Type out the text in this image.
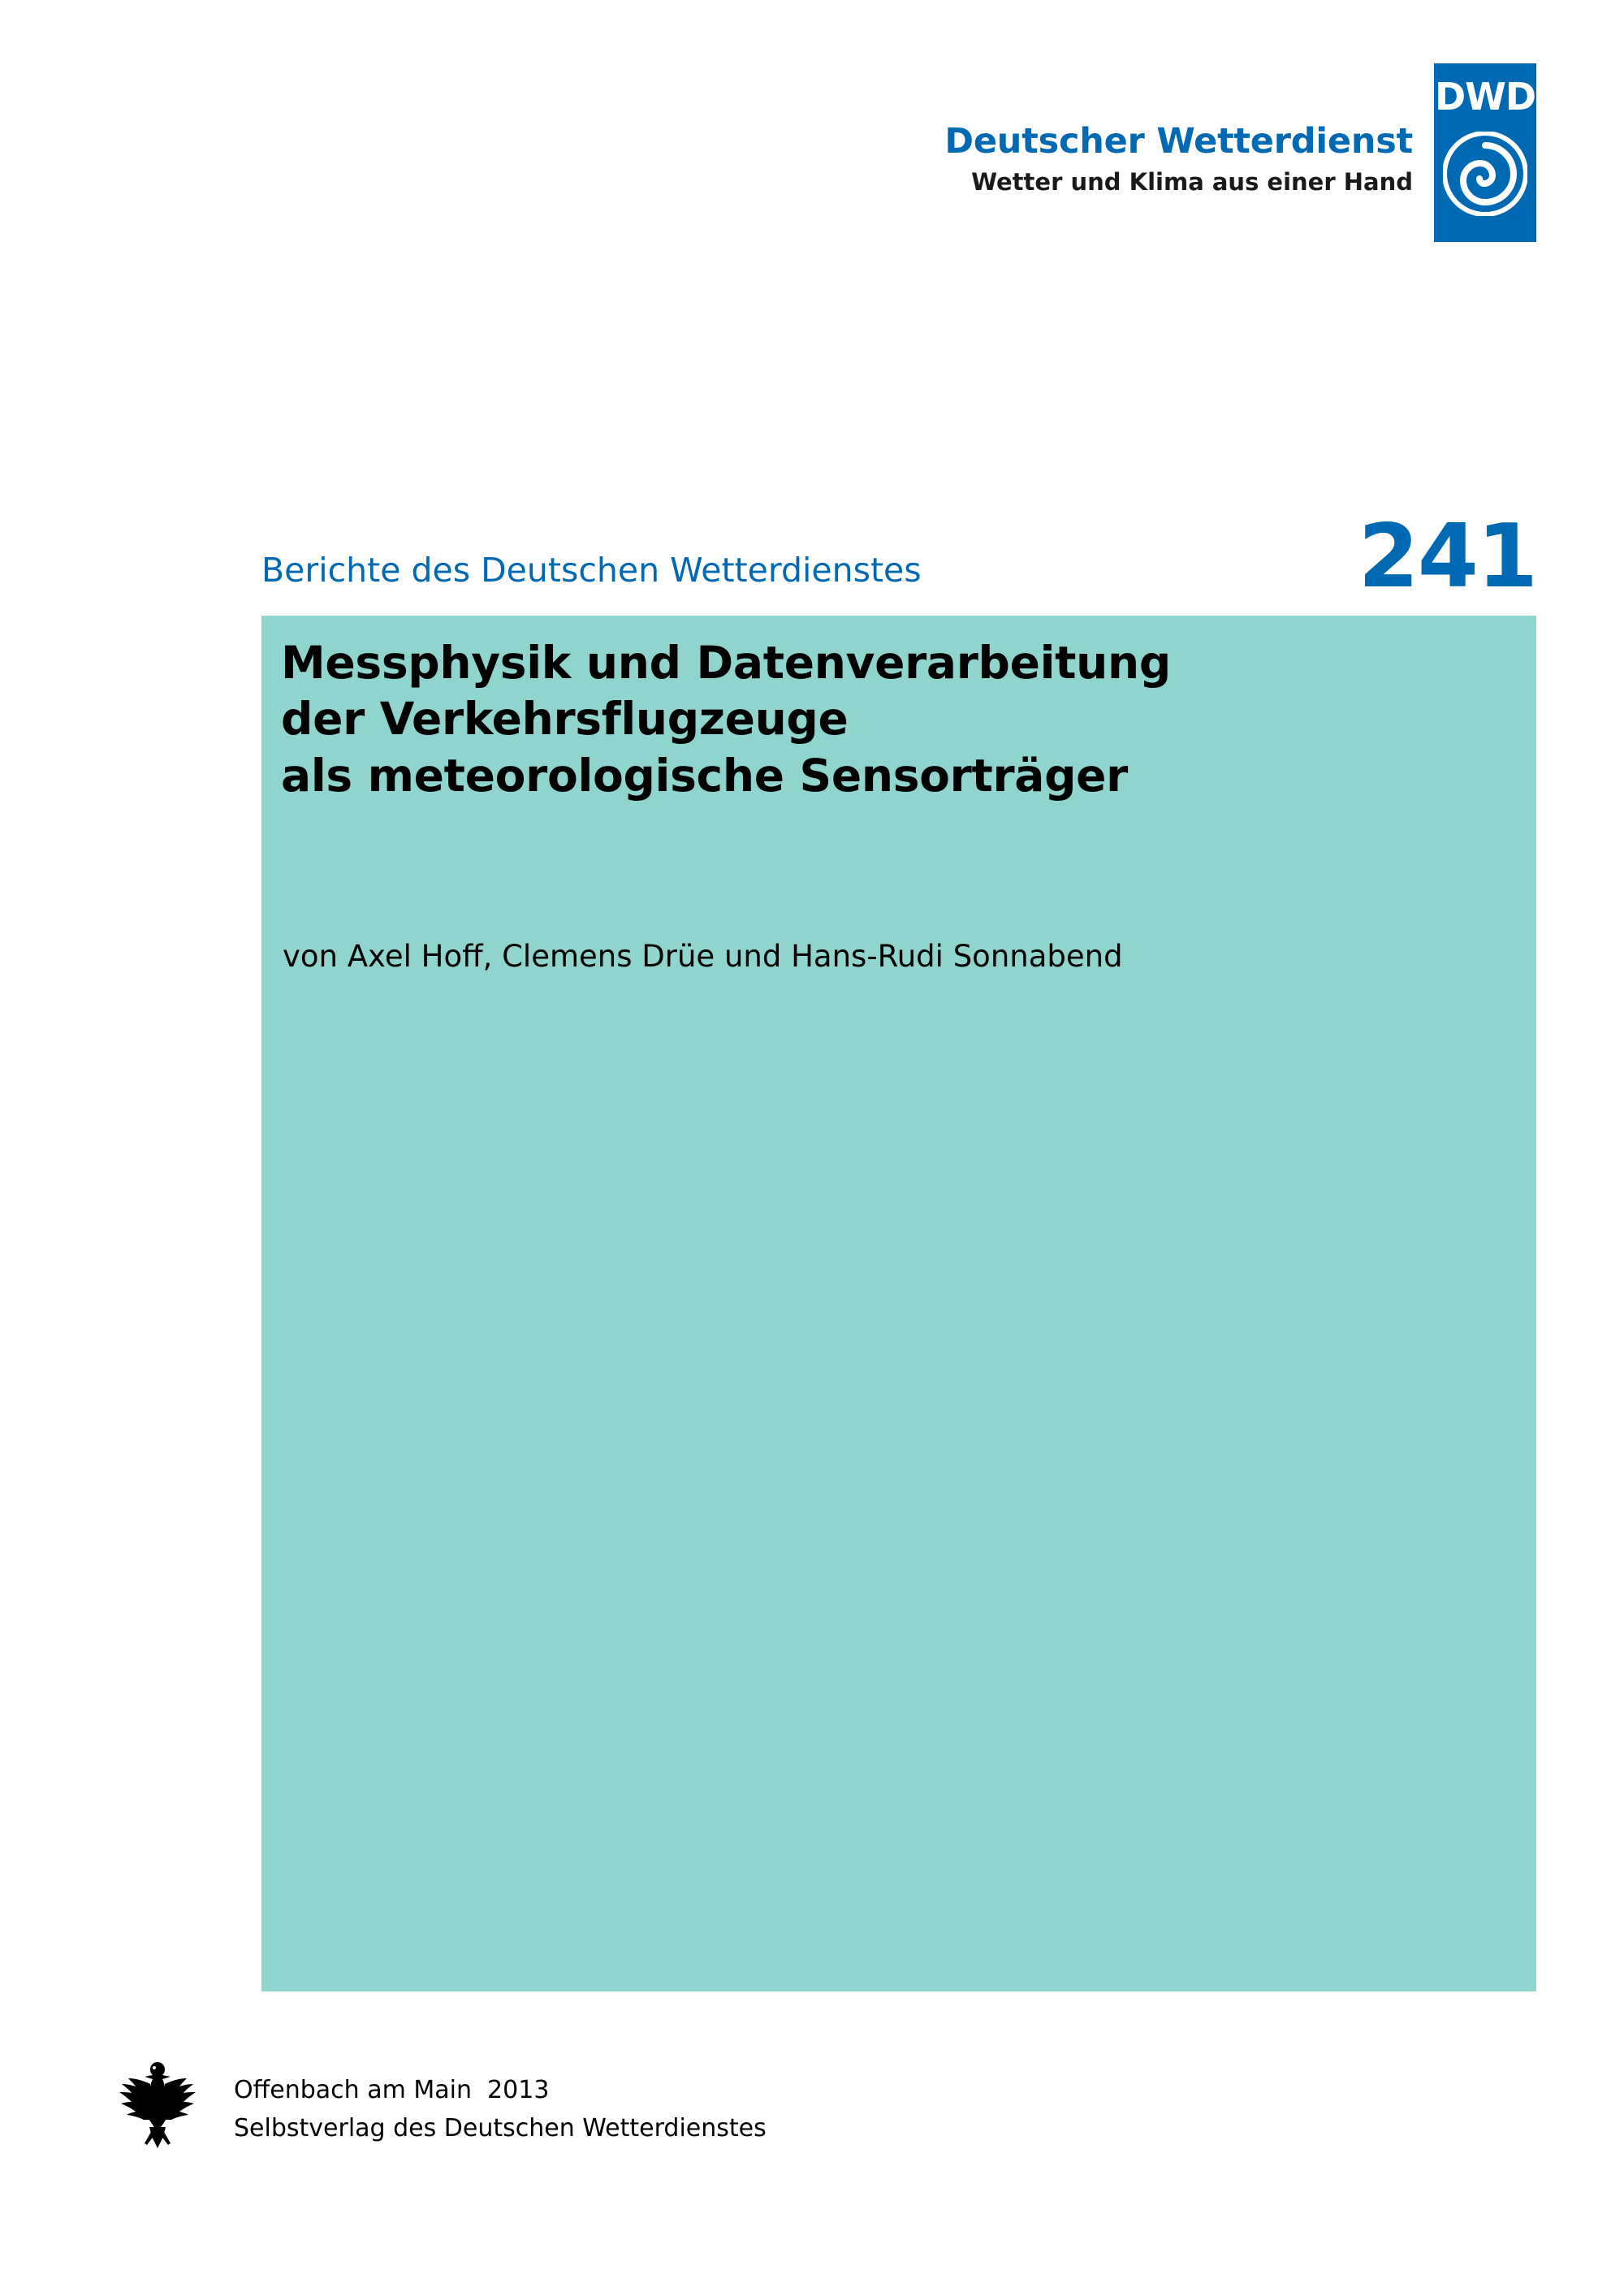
Deutscher Wetterdienst
Wetter und Klima aus einer Hand
DWD
Berichte des Deutschen Wetterdienstes	241
Messphysik und Datenverarbeitung
der Verkehrsflugzeuge
als meteorologische Sensorträger
von Axel Hoff, Clemens Drüe und Hans-Rudi Sonnabend
Offenbach am Main  2013
Selbstverlag des Deutschen Wetterdienstes
